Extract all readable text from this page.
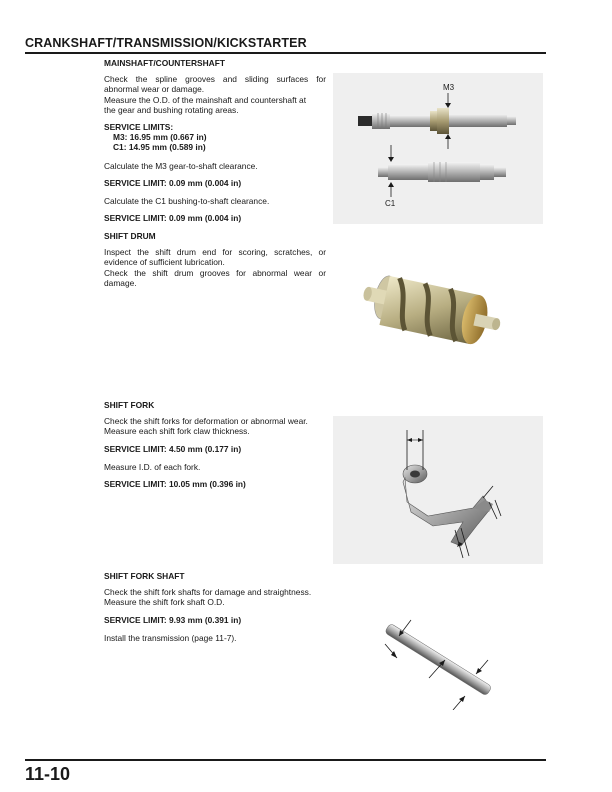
CRANKSHAFT/TRANSMISSION/KICKSTARTER
MAINSHAFT/COUNTERSHAFT
Check the spline grooves and sliding surfaces for
abnormal wear or damage.
Measure the O.D. of the mainshaft and countershaft at
the gear and bushing rotating areas.
SERVICE LIMITS:
M3: 16.95 mm (0.667 in)
C1: 14.95 mm (0.589 in)
Calculate the M3 gear-to-shaft clearance.
SERVICE LIMIT: 0.09 mm (0.004 in)
Calculate the C1 bushing-to-shaft clearance.
SERVICE LIMIT: 0.09 mm (0.004 in)
M3
C1
SHIFT DRUM
Inspect the shift drum end for scoring, scratches, or
evidence of sufficient lubrication.
Check the shift drum grooves for abnormal wear or
damage.
SHIFT FORK
Check the shift forks for deformation or abnormal wear.
Measure each shift fork claw thickness.
SERVICE LIMIT: 4.50 mm (0.177 in)
Measure I.D. of each fork.
SERVICE LIMIT: 10.05 mm (0.396 in)
SHIFT FORK SHAFT
Check the shift fork shafts for damage and straightness.
Measure the shift fork shaft O.D.
SERVICE LIMIT: 9.93 mm (0.391 in)
Install the transmission (page 11-7).
11-10
